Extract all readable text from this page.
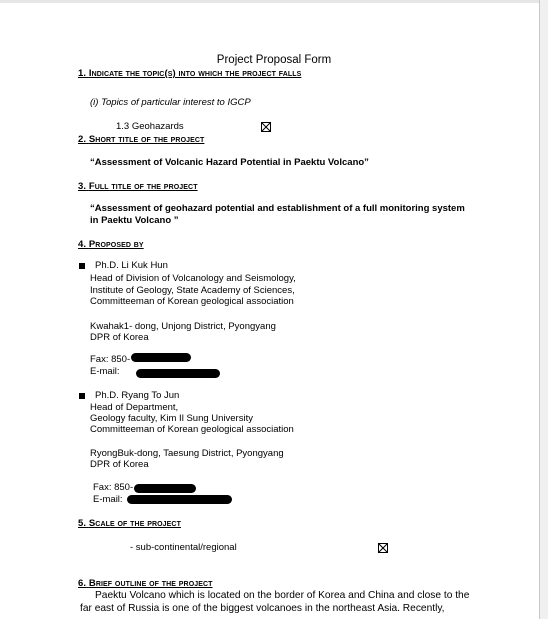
Project Proposal Form
1. Indicate the topic(s) into which the project falls
(i) Topics of particular interest to IGCP
1.3 Geohazards
2. Short title of the project
“Assessment of Volcanic Hazard Potential in Paektu Volcano”
3. Full title of the project
“Assessment of geohazard potential and establishment of a full monitoring system
in Paektu Volcano ”
4. Proposed by
Ph.D. Li Kuk Hun
Head of Division of Volcanology and Seismology,
Institute of Geology, State Academy of Sciences,
Committeeman of Korean geological association
Kwahak1- dong, Unjong District, Pyongyang
DPR of Korea
Fax: 850-
E-mail:
Ph.D. Ryang To Jun
Head of Department,
Geology faculty, Kim Il Sung University
Committeeman of Korean geological association
RyongBuk-dong, Taesung District, Pyongyang
DPR of Korea
Fax: 850-
E-mail:
5. Scale of the project
- sub-continental/regional
6. Brief outline of the project
Paektu Volcano which is located on the border of Korea and China and close to the
far east of Russia is one of the biggest volcanoes in the northeast Asia. Recently,
